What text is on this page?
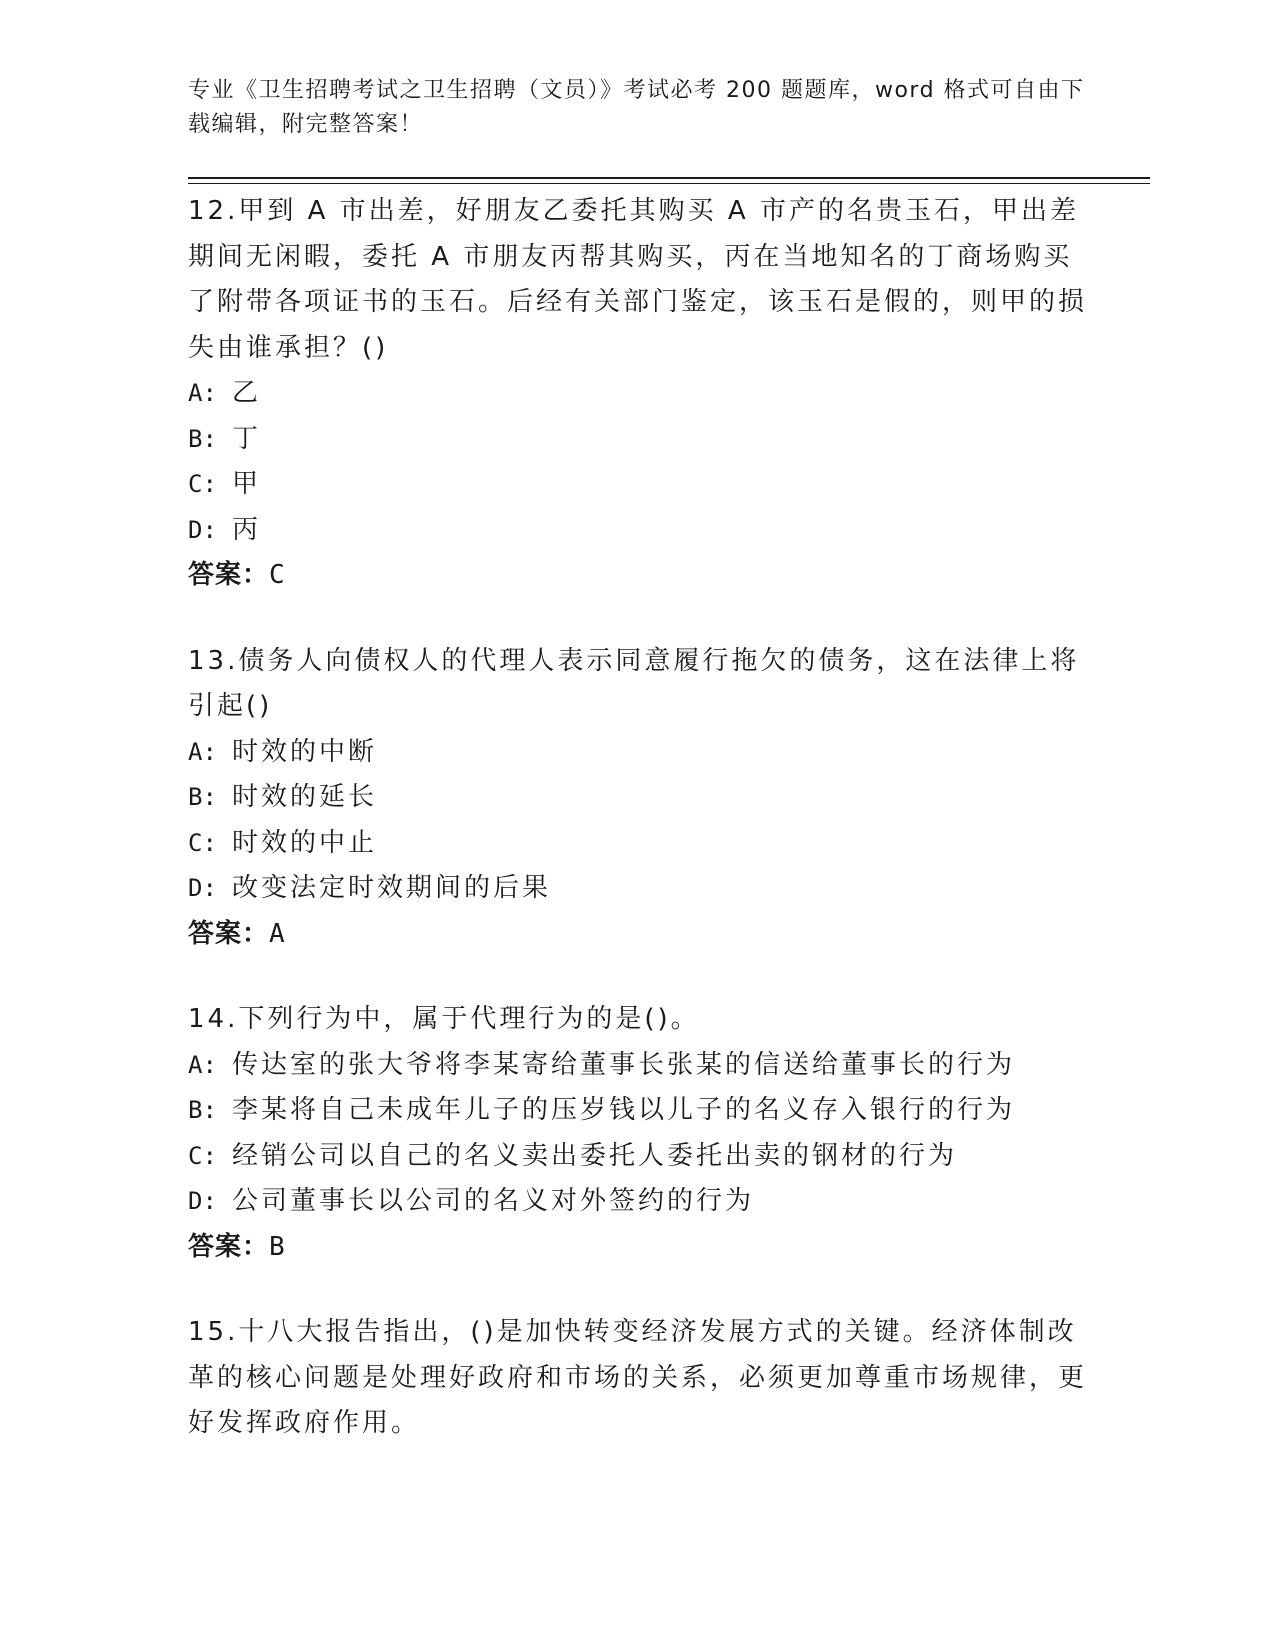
专业《卫生招聘考试之卫生招聘（文员）》考试必考 200 题题库，word 格式可自由下载编辑，附完整答案！
12.甲到 A 市出差，好朋友乙委托其购买 A 市产的名贵玉石，甲出差期间无闲暇，委托 A 市朋友丙帮其购买，丙在当地知名的丁商场购买了附带各项证书的玉石。后经有关部门鉴定，该玉石是假的，则甲的损失由谁承担？()
A: 乙
B: 丁
C: 甲
D: 丙
答案：C
13.债务人向债权人的代理人表示同意履行拖欠的债务，这在法律上将引起()
A: 时效的中断
B: 时效的延长
C: 时效的中止
D: 改变法定时效期间的后果
答案：A
14.下列行为中，属于代理行为的是()。
A: 传达室的张大爷将李某寄给董事长张某的信送给董事长的行为
B: 李某将自己未成年儿子的压岁钱以儿子的名义存入银行的行为
C: 经销公司以自己的名义卖出委托人委托出卖的钢材的行为
D: 公司董事长以公司的名义对外签约的行为
答案：B
15.十八大报告指出，()是加快转变经济发展方式的关键。经济体制改革的核心问题是处理好政府和市场的关系，必须更加尊重市场规律，更好发挥政府作用。
